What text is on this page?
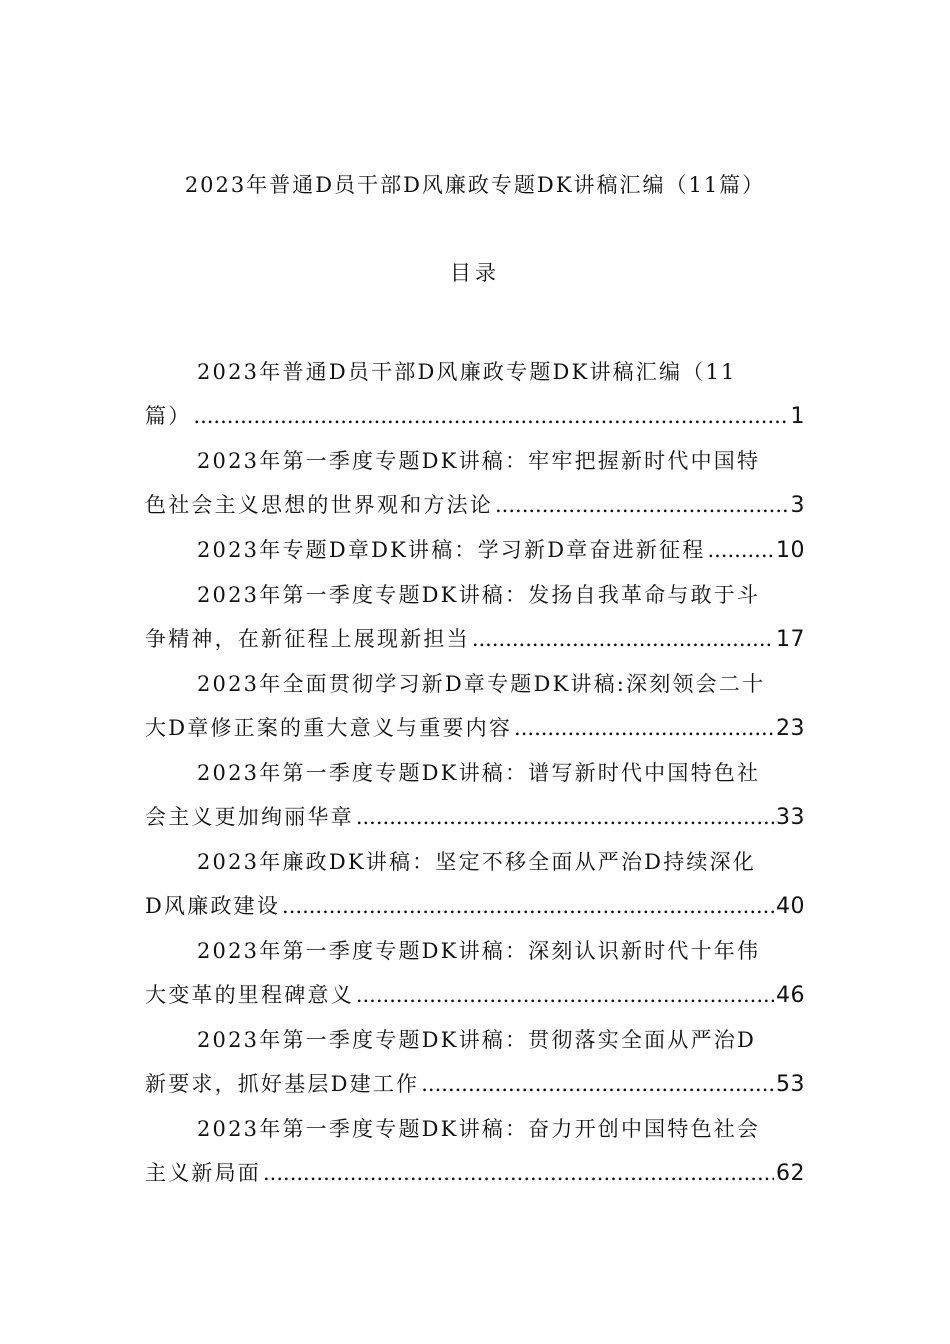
2023年普通D员干部D风廉政专题DK讲稿汇编（11篇）
目录
2023年普通D员干部D风廉政专题DK讲稿汇编（11
篇） .....	1
2023年第一季度专题DK讲稿：牢牢把握新时代中国特
色社会主义思想的世界观和方法论 .....	3
2023年专题D章DK讲稿：学习新D章奋进新征程 .....	10
2023年第一季度专题DK讲稿：发扬自我革命与敢于斗
争精神，在新征程上展现新担当 .....	17
2023年全面贯彻学习新D章专题DK讲稿:深刻领会二十
大D章修正案的重大意义与重要内容 .....	23
2023年第一季度专题DK讲稿：谱写新时代中国特色社
会主义更加绚丽华章 .....	33
2023年廉政DK讲稿：坚定不移全面从严治D持续深化
D风廉政建设 .....	40
2023年第一季度专题DK讲稿：深刻认识新时代十年伟
大变革的里程碑意义 .....	46
2023年第一季度专题DK讲稿：贯彻落实全面从严治D
新要求，抓好基层D建工作 .....	53
2023年第一季度专题DK讲稿：奋力开创中国特色社会
主义新局面 .....	62
